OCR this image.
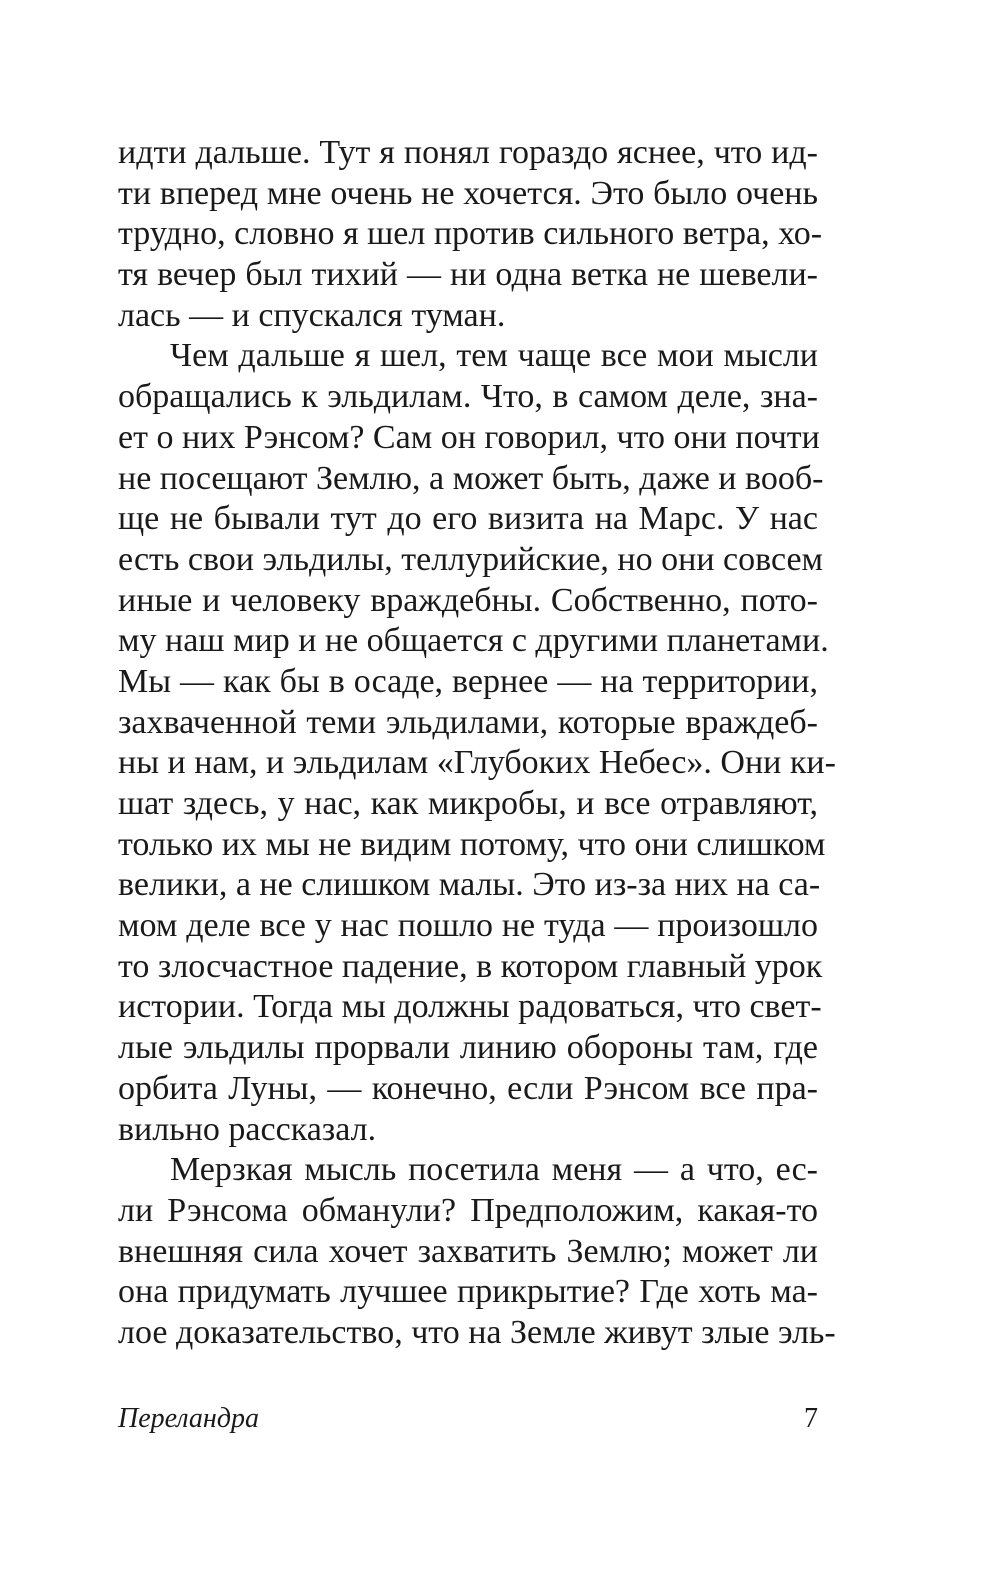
идти дальше. Тут я понял гораздо яснее, что ид-
ти вперед мне очень не хочется. Это было очень
трудно, словно я шел против сильного ветра, хо-
тя вечер был тихий — ни одна ветка не шевели-
лась — и спускался туман.
Чем дальше я шел, тем чаще все мои мысли
обращались к эльдилам. Что, в самом деле, зна-
ет о них Рэнсом? Сам он говорил, что они почти
не посещают Землю, а может быть, даже и вооб-
ще не бывали тут до его визита на Марс. У нас
есть свои эльдилы, теллурийские, но они совсем
иные и человеку враждебны. Собственно, пото-
му наш мир и не общается с другими планетами.
Мы — как бы в осаде, вернее — на территории,
захваченной теми эльдилами, которые враждеб-
ны и нам, и эльдилам «Глубоких Небес». Они ки-
шат здесь, у нас, как микробы, и все отравляют,
только их мы не видим потому, что они слишком
велики, а не слишком малы. Это из-за них на са-
мом деле все у нас пошло не туда — произошло
то злосчастное падение, в котором главный урок
истории. Тогда мы должны радоваться, что свет-
лые эльдилы прорвали линию обороны там, где
орбита Луны, — конечно, если Рэнсом все пра-
вильно рассказал.
Мерзкая мысль посетила меня — а что, ес-
ли Рэнсома обманули? Предположим, какая-то
внешняя сила хочет захватить Землю; может ли
она придумать лучшее прикрытие? Где хоть ма-
лое доказательство, что на Земле живут злые эль-
Переландра	7
